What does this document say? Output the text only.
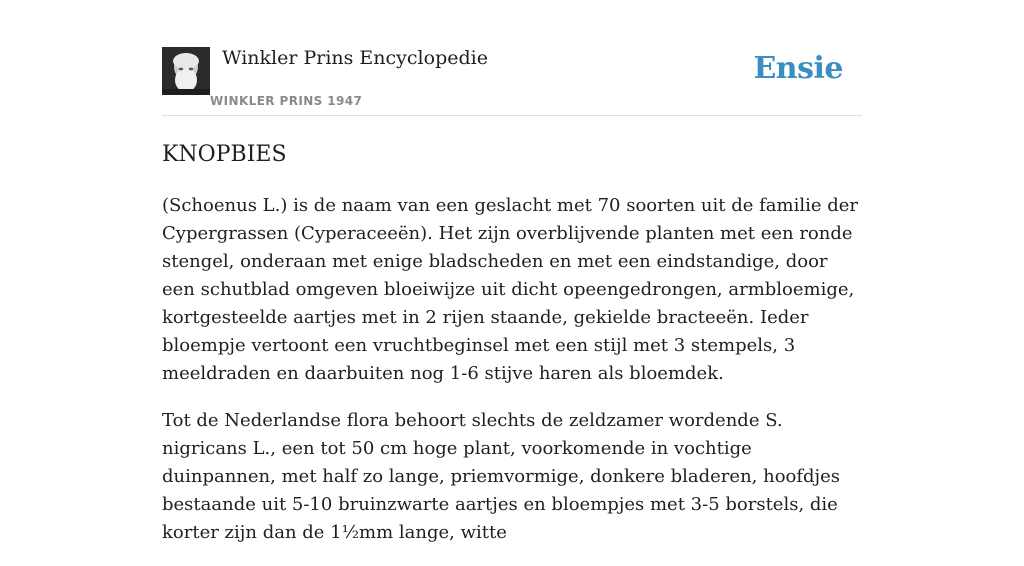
Winkler Prins Encyclopedie
WINKLER PRINS 1947
Ensie
KNOPBIES

(Schoenus L.) is de naam van een geslacht met 70 soorten uit de familie der Cypergrassen (Cyperaceeën). Het zijn overblijvende planten met een ronde stengel, onderaan met enige bladscheden en met een eindstandige, door een schutblad omgeven bloeiwijze uit dicht opeengedrongen, armbloemige, kortgesteelde aartjes met in 2 rijen staande, gekielde bracteeën. Ieder bloempje vertoont een vruchtbeginsel met een stijl met 3 stempels, 3 meeldraden en daarbuiten nog 1-6 stijve haren als bloemdek.

Tot de Nederlandse flora behoort slechts de zeldzamer wordende S. nigricans L., een tot 50 cm hoge plant, voorkomende in vochtige duinpannen, met half zo lange, priemvormige, donkere bladeren, hoofdjes bestaande uit 5-10 bruinzwarte aartjes en bloempjes met 3-5 borstels, die korter zijn dan de 1½mm lange, witte
